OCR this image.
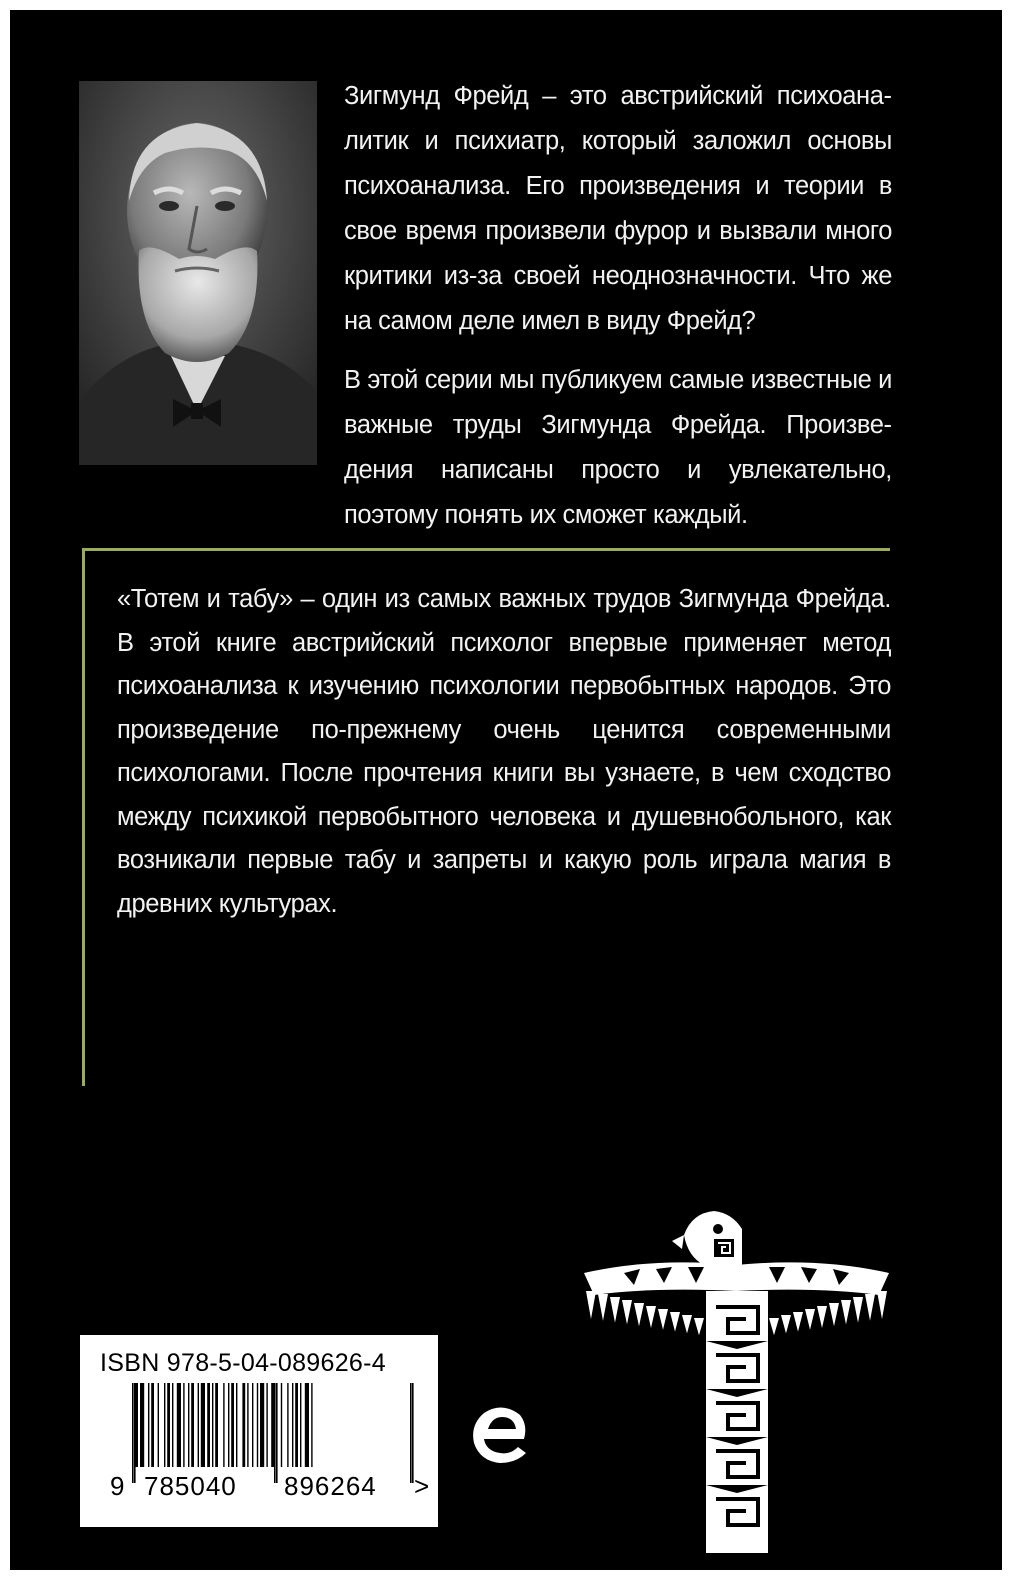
Зигмунд Фрейд – это австрийский психоаналитик и психиатр, который заложил основы психоанализа. Его произведения и теории в свое время произвели фурор и вызвали много критики из-за своей неоднозначности. Что же на самом деле имел в виду Фрейд?

В этой серии мы публикуем самые известные и важные труды Зигмунда Фрейда. Произведения написаны просто и увлекательно, поэтому понять их сможет каждый.

«Тотем и табу» – один из самых важных трудов Зигмунда Фрейда. В этой книге австрийский психолог впервые применяет метод психоанализа к изучению психологии первобытных народов. Это произведение по-прежнему очень ценится современными психологами. После прочтения книги вы узнаете, в чем сходство между психикой первобытного человека и душевнобольного, как возникали первые табу и запреты и какую роль играла магия в древних культурах.

ISBN 978-5-04-089626-4
9 785040 896264 >
